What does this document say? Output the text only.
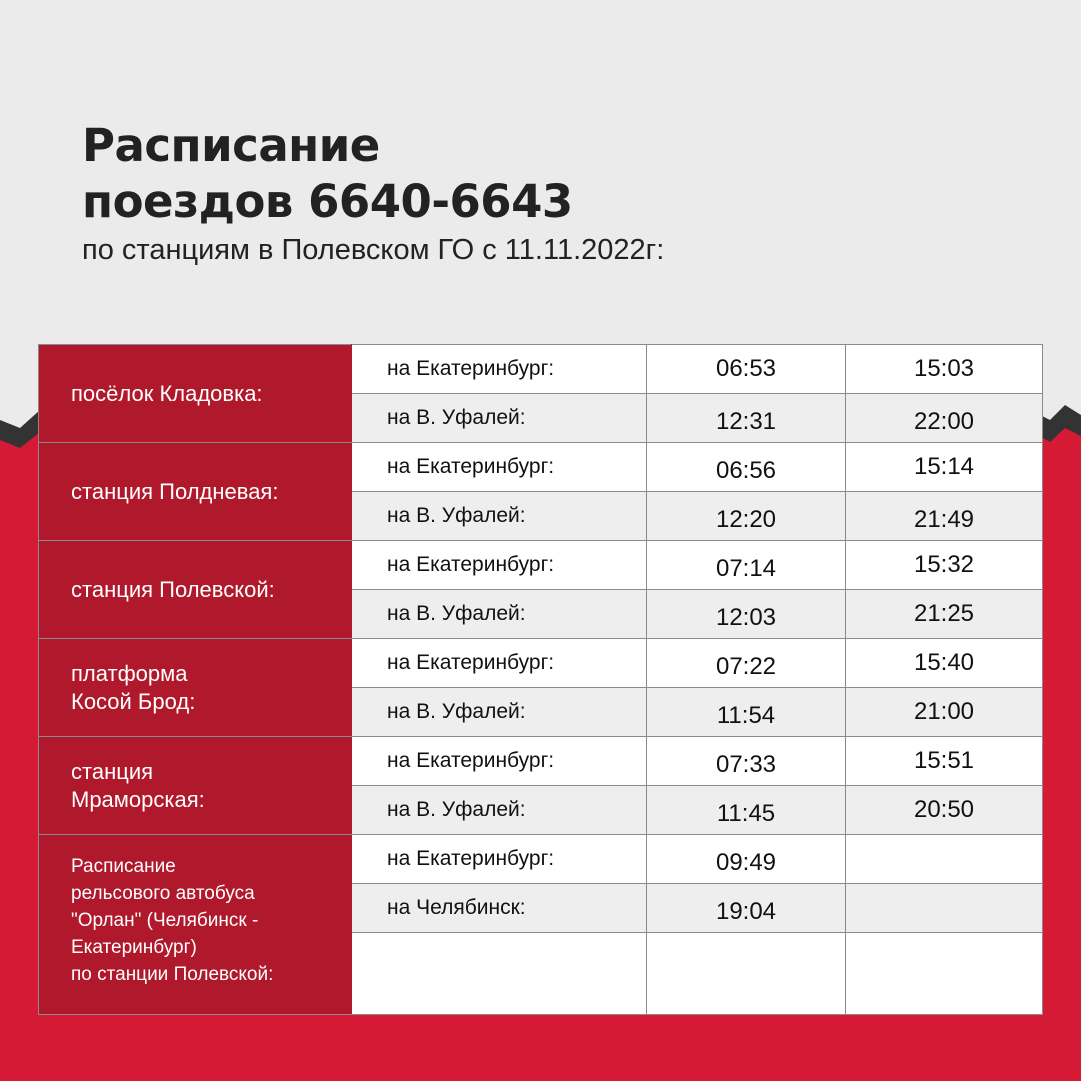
Расписание
поездов 6640-6643
по станциям в Полевском ГО с 11.11.2022г:
посёлок Кладовка:	на Екатеринбург:	06:53	15:03
	на В. Уфалей:	12:31	22:00
станция Полдневая:	на Екатеринбург:	06:56	15:14
	на В. Уфалей:	12:20	21:49
станция Полевской:	на Екатеринбург:	07:14	15:32
	на В. Уфалей:	12:03	21:25

платформа
Косой Брод:	на Екатеринбург:	07:22	15:40
	на В. Уфалей:	11:54	21:00

станция
Мраморская:	на Екатеринбург:	07:33	15:51
	на В. Уфалей:	11:45	20:50

Расписание
рельсового автобуса
"Орлан" (Челябинск -
Екатеринбург)
по станции Полевской:	на Екатеринбург:	09:49	
	на Челябинск:	19:04	
